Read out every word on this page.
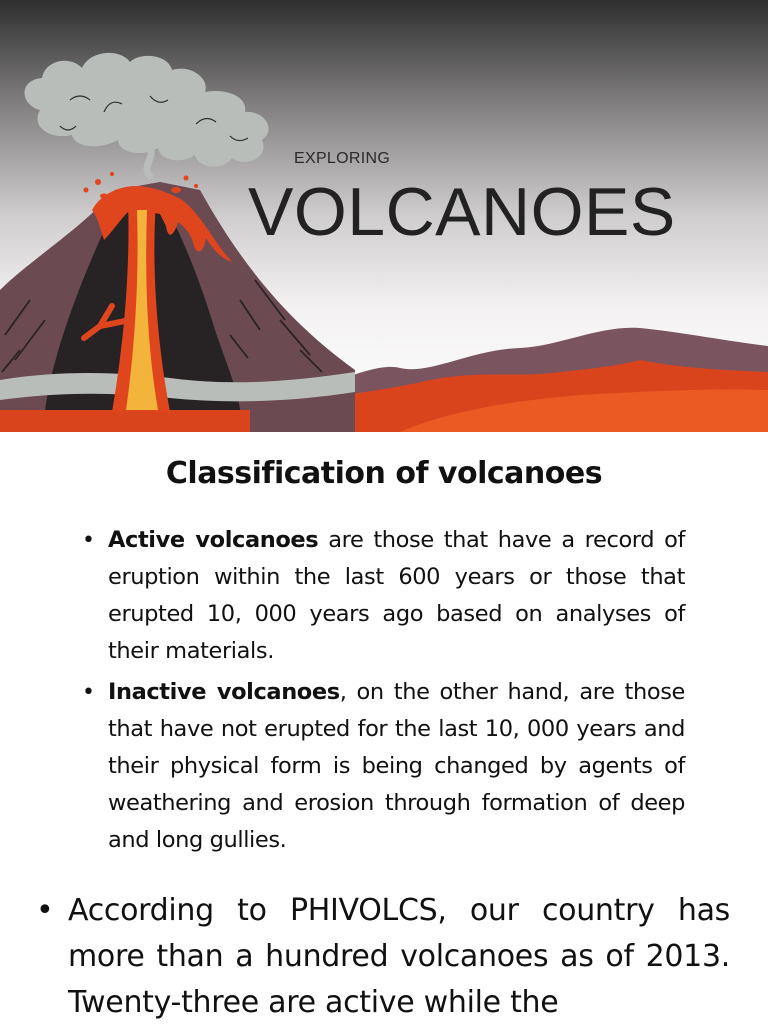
EXPLORING
VOLCANOES
Classification of volcanoes
• Active volcanoes are those that have a record of eruption within the last 600 years or those that erupted 10, 000 years ago based on analyses of their materials.
• Inactive volcanoes, on the other hand, are those that have not erupted for the last 10, 000 years and their physical form is being changed by agents of weathering and erosion through formation of deep and long gullies.
• According to PHIVOLCS, our country has more than a hundred volcanoes as of 2013. Twenty-three are active while the
